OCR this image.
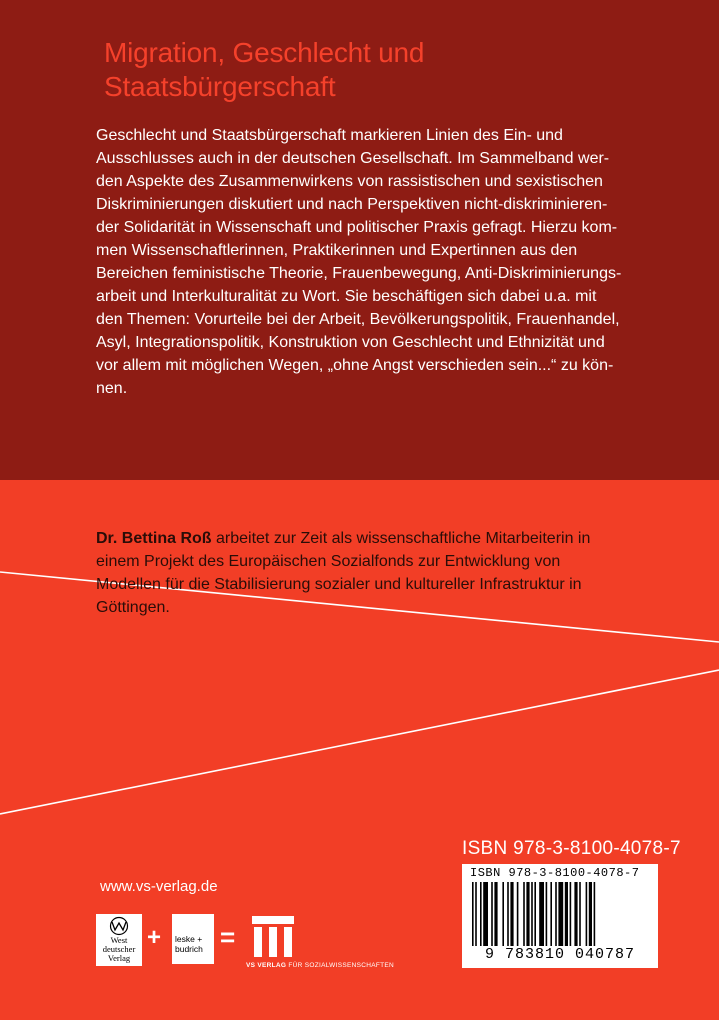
Migration, Geschlecht und
Staatsbürgerschaft

Geschlecht und Staatsbürgerschaft markieren Linien des Ein- und
Ausschlusses auch in der deutschen Gesellschaft. Im Sammelband wer-
den Aspekte des Zusammenwirkens von rassistischen und sexistischen
Diskriminierungen diskutiert und nach Perspektiven nicht-diskriminieren-
der Solidarität in Wissenschaft und politischer Praxis gefragt. Hierzu kom-
men Wissenschaftlerinnen, Praktikerinnen und Expertinnen aus den
Bereichen feministische Theorie, Frauenbewegung, Anti-Diskriminierungs-
arbeit und Interkulturalität zu Wort. Sie beschäftigen sich dabei u.a. mit
den Themen: Vorurteile bei der Arbeit, Bevölkerungspolitik, Frauenhandel,
Asyl, Integrationspolitik, Konstruktion von Geschlecht und Ethnizität und
vor allem mit möglichen Wegen, „ohne Angst verschieden sein...“ zu kön-
nen.

Dr. Bettina Roß arbeitet zur Zeit als wissenschaftliche Mitarbeiterin in
einem Projekt des Europäischen Sozialfonds zur Entwicklung von
Modellen für die Stabilisierung sozialer und kultureller Infrastruktur in
Göttingen.

ISBN 978-3-8100-4078-7
ISBN 978-3-8100-4078-7
9 783810 040787
www.vs-verlag.de
West
deutscher
Verlag
+ leske +
budrich =
VS VERLAG FÜR SOZIALWISSENSCHAFTEN
